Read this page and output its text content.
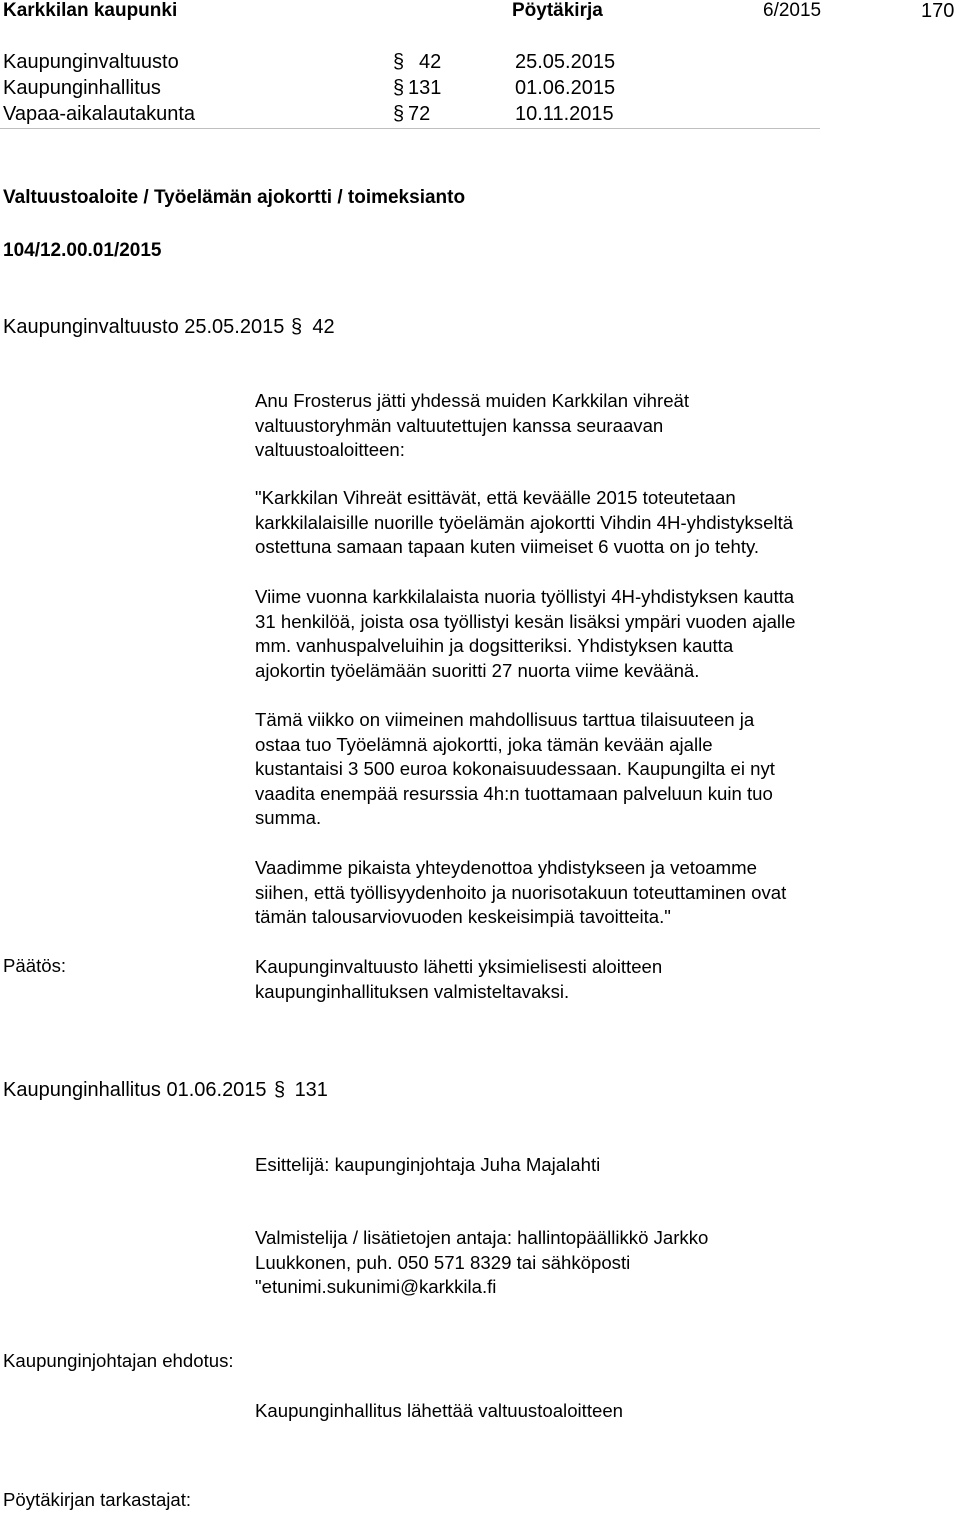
Karkkilan kaupunki	Pöytäkirja	6/2015	170
Kaupunginvaltuusto	§ 42	25.05.2015
Kaupunginhallitus	§ 131	01.06.2015
Vapaa-aikalautakunta	§ 72	10.11.2015
Valtuustoaloite / Työelämän ajokortti / toimeksianto
104/12.00.01/2015
Kaupunginvaltuusto 25.05.2015 § 42
Anu Frosterus jätti yhdessä muiden Karkkilan vihreät
valtuustoryhmän valtuutettujen kanssa seuraavan
valtuustoaloitteen:
"Karkkilan Vihreät esittävät, että keväälle 2015 toteutetaan
karkkilalaisille nuorille työelämän ajokortti Vihdin 4H-yhdistykseltä
ostettuna samaan tapaan kuten viimeiset 6 vuotta on jo tehty.
Viime vuonna karkkilalaista nuoria työllistyi 4H-yhdistyksen kautta
31 henkilöä, joista osa työllistyi kesän lisäksi ympäri vuoden ajalle
mm. vanhuspalveluihin ja dogsitteriksi. Yhdistyksen kautta
ajokortin työelämään suoritti 27 nuorta viime keväänä.
Tämä viikko on viimeinen mahdollisuus tarttua tilaisuuteen ja
ostaa tuo Työelämnä ajokortti, joka tämän kevään ajalle
kustantaisi 3 500 euroa kokonaisuudessaan. Kaupungilta ei nyt
vaadita enempää resurssia 4h:n tuottamaan palveluun kuin tuo
summa.
Vaadimme pikaista yhteydenottoa yhdistykseen ja vetoamme
siihen, että työllisyydenhoito ja nuorisotakuun toteuttaminen ovat
tämän talousarviovuoden keskeisimpiä tavoitteita."
Päätös:	Kaupunginvaltuusto lähetti yksimielisesti aloitteen
kaupunginhallituksen valmisteltavaksi.
Kaupunginhallitus 01.06.2015 § 131
Esittelijä: kaupunginjohtaja Juha Majalahti
Valmistelija / lisätietojen antaja: hallintopäällikkö Jarkko
Luukkonen, puh. 050 571 8329 tai sähköposti
"etunimi.sukunimi@karkkila.fi
Kaupunginjohtajan ehdotus:
Kaupunginhallitus lähettää valtuustoaloitteen
Pöytäkirjan tarkastajat:
